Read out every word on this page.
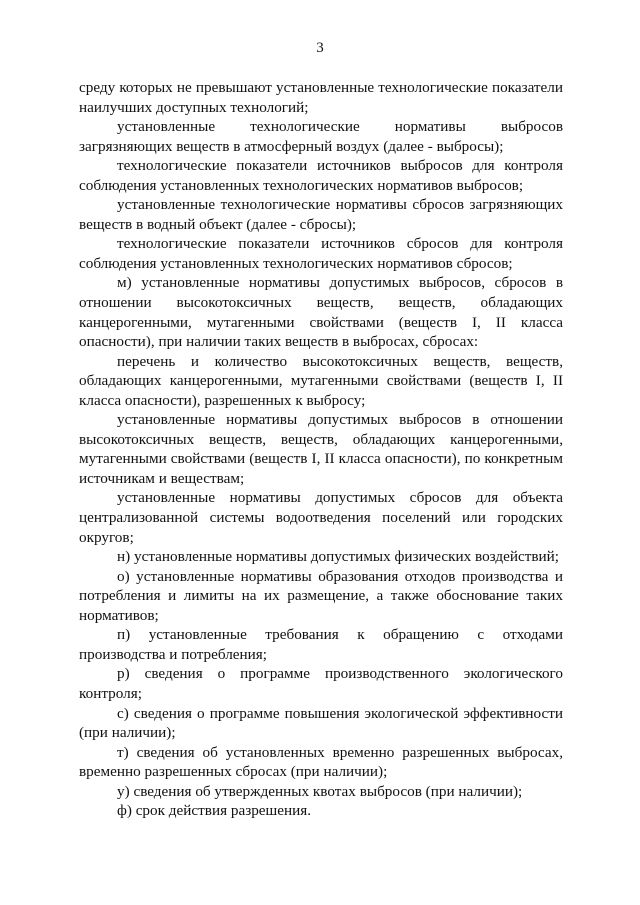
3

среду которых не превышают установленные технологические показатели наилучших доступных технологий;

установленные технологические нормативы выбросов загрязняющих веществ в атмосферный воздух (далее - выбросы);

технологические показатели источников выбросов для контроля соблюдения установленных технологических нормативов выбросов;

установленные технологические нормативы сбросов загрязняющих веществ в водный объект (далее - сбросы);

технологические показатели источников сбросов для контроля соблюдения установленных технологических нормативов сбросов;

м) установленные нормативы допустимых выбросов, сбросов в отношении высокотоксичных веществ, веществ, обладающих канцерогенными, мутагенными свойствами (веществ I, II класса опасности), при наличии таких веществ в выбросах, сбросах:

перечень и количество высокотоксичных веществ, веществ, обладающих канцерогенными, мутагенными свойствами (веществ I, II класса опасности), разрешенных к выбросу;

установленные нормативы допустимых выбросов в отношении высокотоксичных веществ, веществ, обладающих канцерогенными, мутагенными свойствами (веществ I, II класса опасности), по конкретным источникам и веществам;

установленные нормативы допустимых сбросов для объекта централизованной системы водоотведения поселений или городских округов;

н) установленные нормативы допустимых физических воздействий;

о) установленные нормативы образования отходов производства и потребления и лимиты на их размещение, а также обоснование таких нормативов;

п) установленные требования к обращению с отходами производства и потребления;

р) сведения о программе производственного экологического контроля;

с) сведения о программе повышения экологической эффективности (при наличии);

т) сведения об установленных временно разрешенных выбросах, временно разрешенных сбросах (при наличии);

у) сведения об утвержденных квотах выбросов (при наличии);

ф) срок действия разрешения.
